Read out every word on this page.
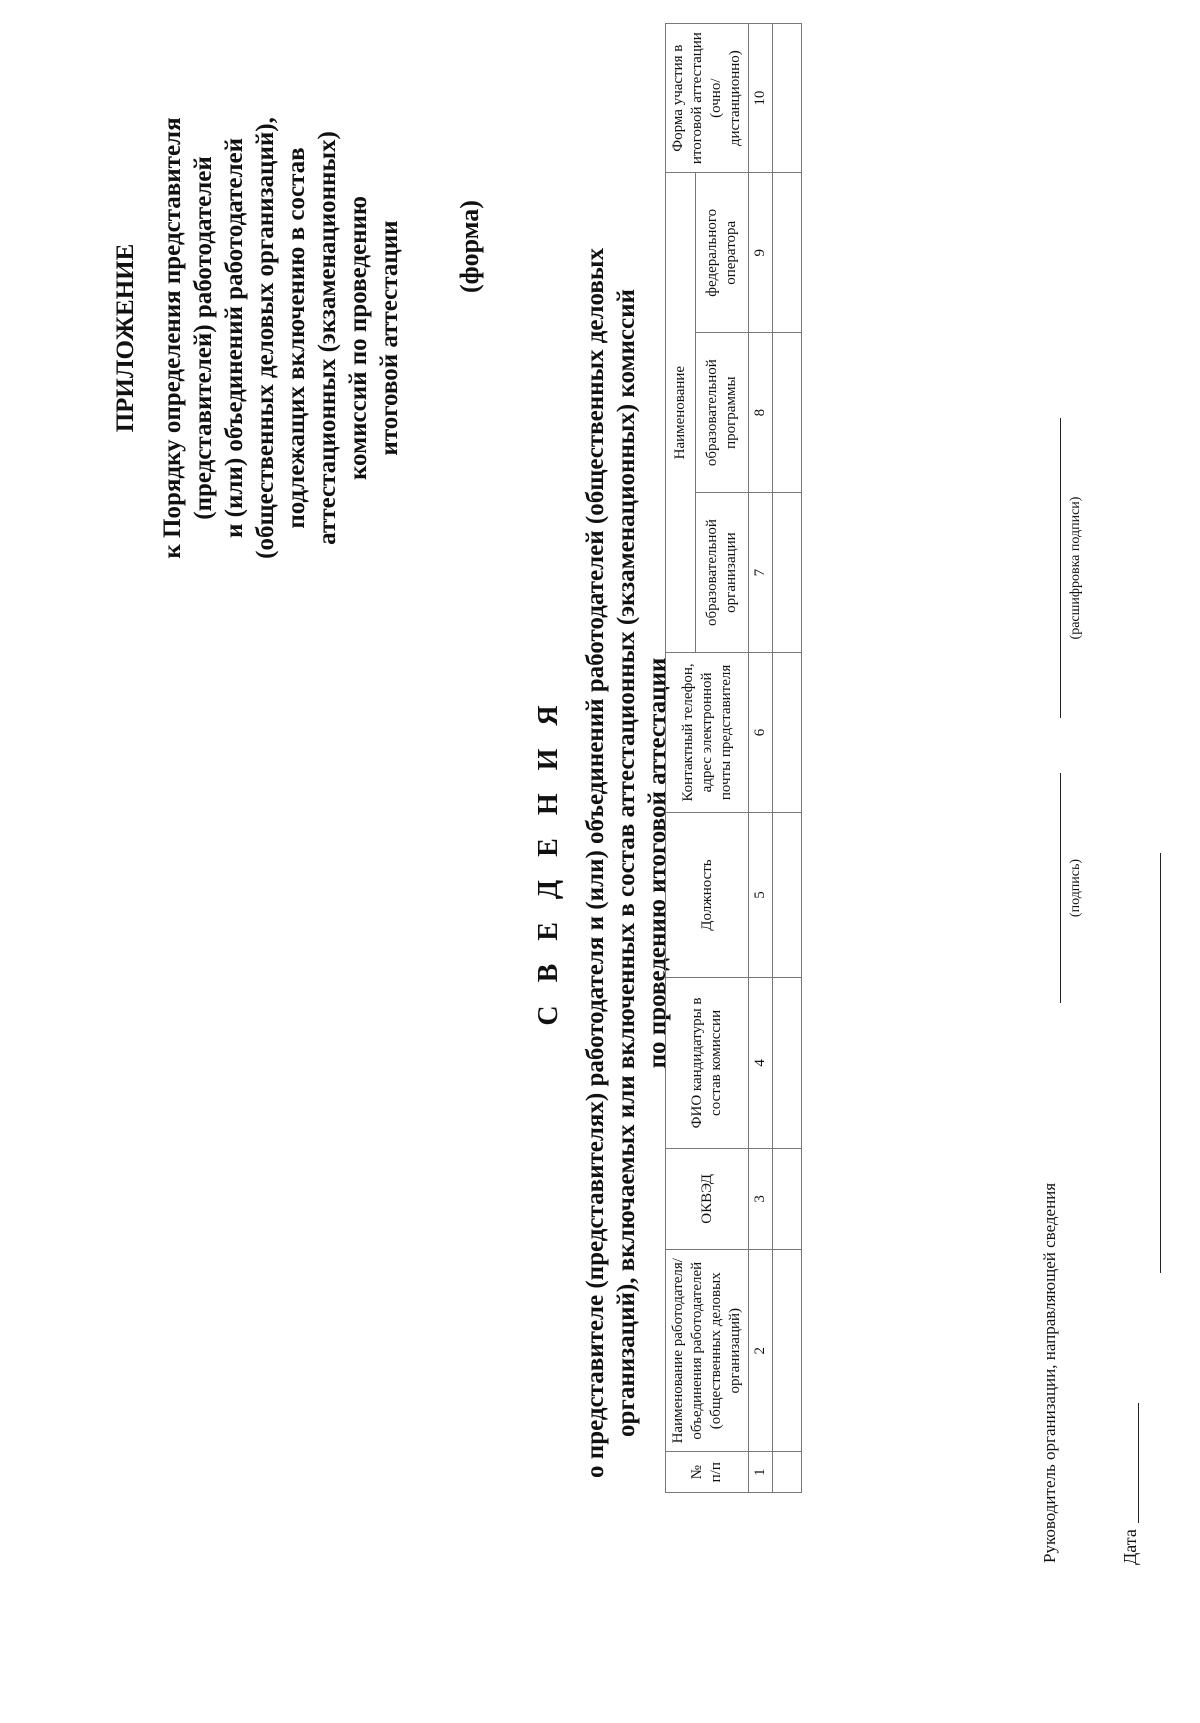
ПРИЛОЖЕНИЕ к Порядку определения представителя (представителей) работодателей и (или) объединений работодателей (общественных деловых организаций), подлежащих включению в состав аттестационных (экзаменационных) комиссий по проведению итоговой аттестации (форма)
С В Е Д Е Н И Я о представителе (представителях) работодателя и (или) объединений работодателей (общественных деловых организаций), включаемых или включенных в состав аттестационных (экзаменационных) комиссий по проведению итоговой аттестации
№ п/п	Наименование работодателя/объединения работодателей (общественных деловых организаций)	ОКВЭД	ФИО кандидатуры в состав комиссии	Должность	Контактный телефон, адрес электронной почты представителя	Наименование			Форма участия в итоговой аттестации (очно/ дистанционно)
						образовательной организации	образовательной программы	федерального оператора	
1	2	3	4	5	6	7	8	9	10

Руководитель организации, направляющей сведения
(подпись)
(расшифровка подписи)
Дата
